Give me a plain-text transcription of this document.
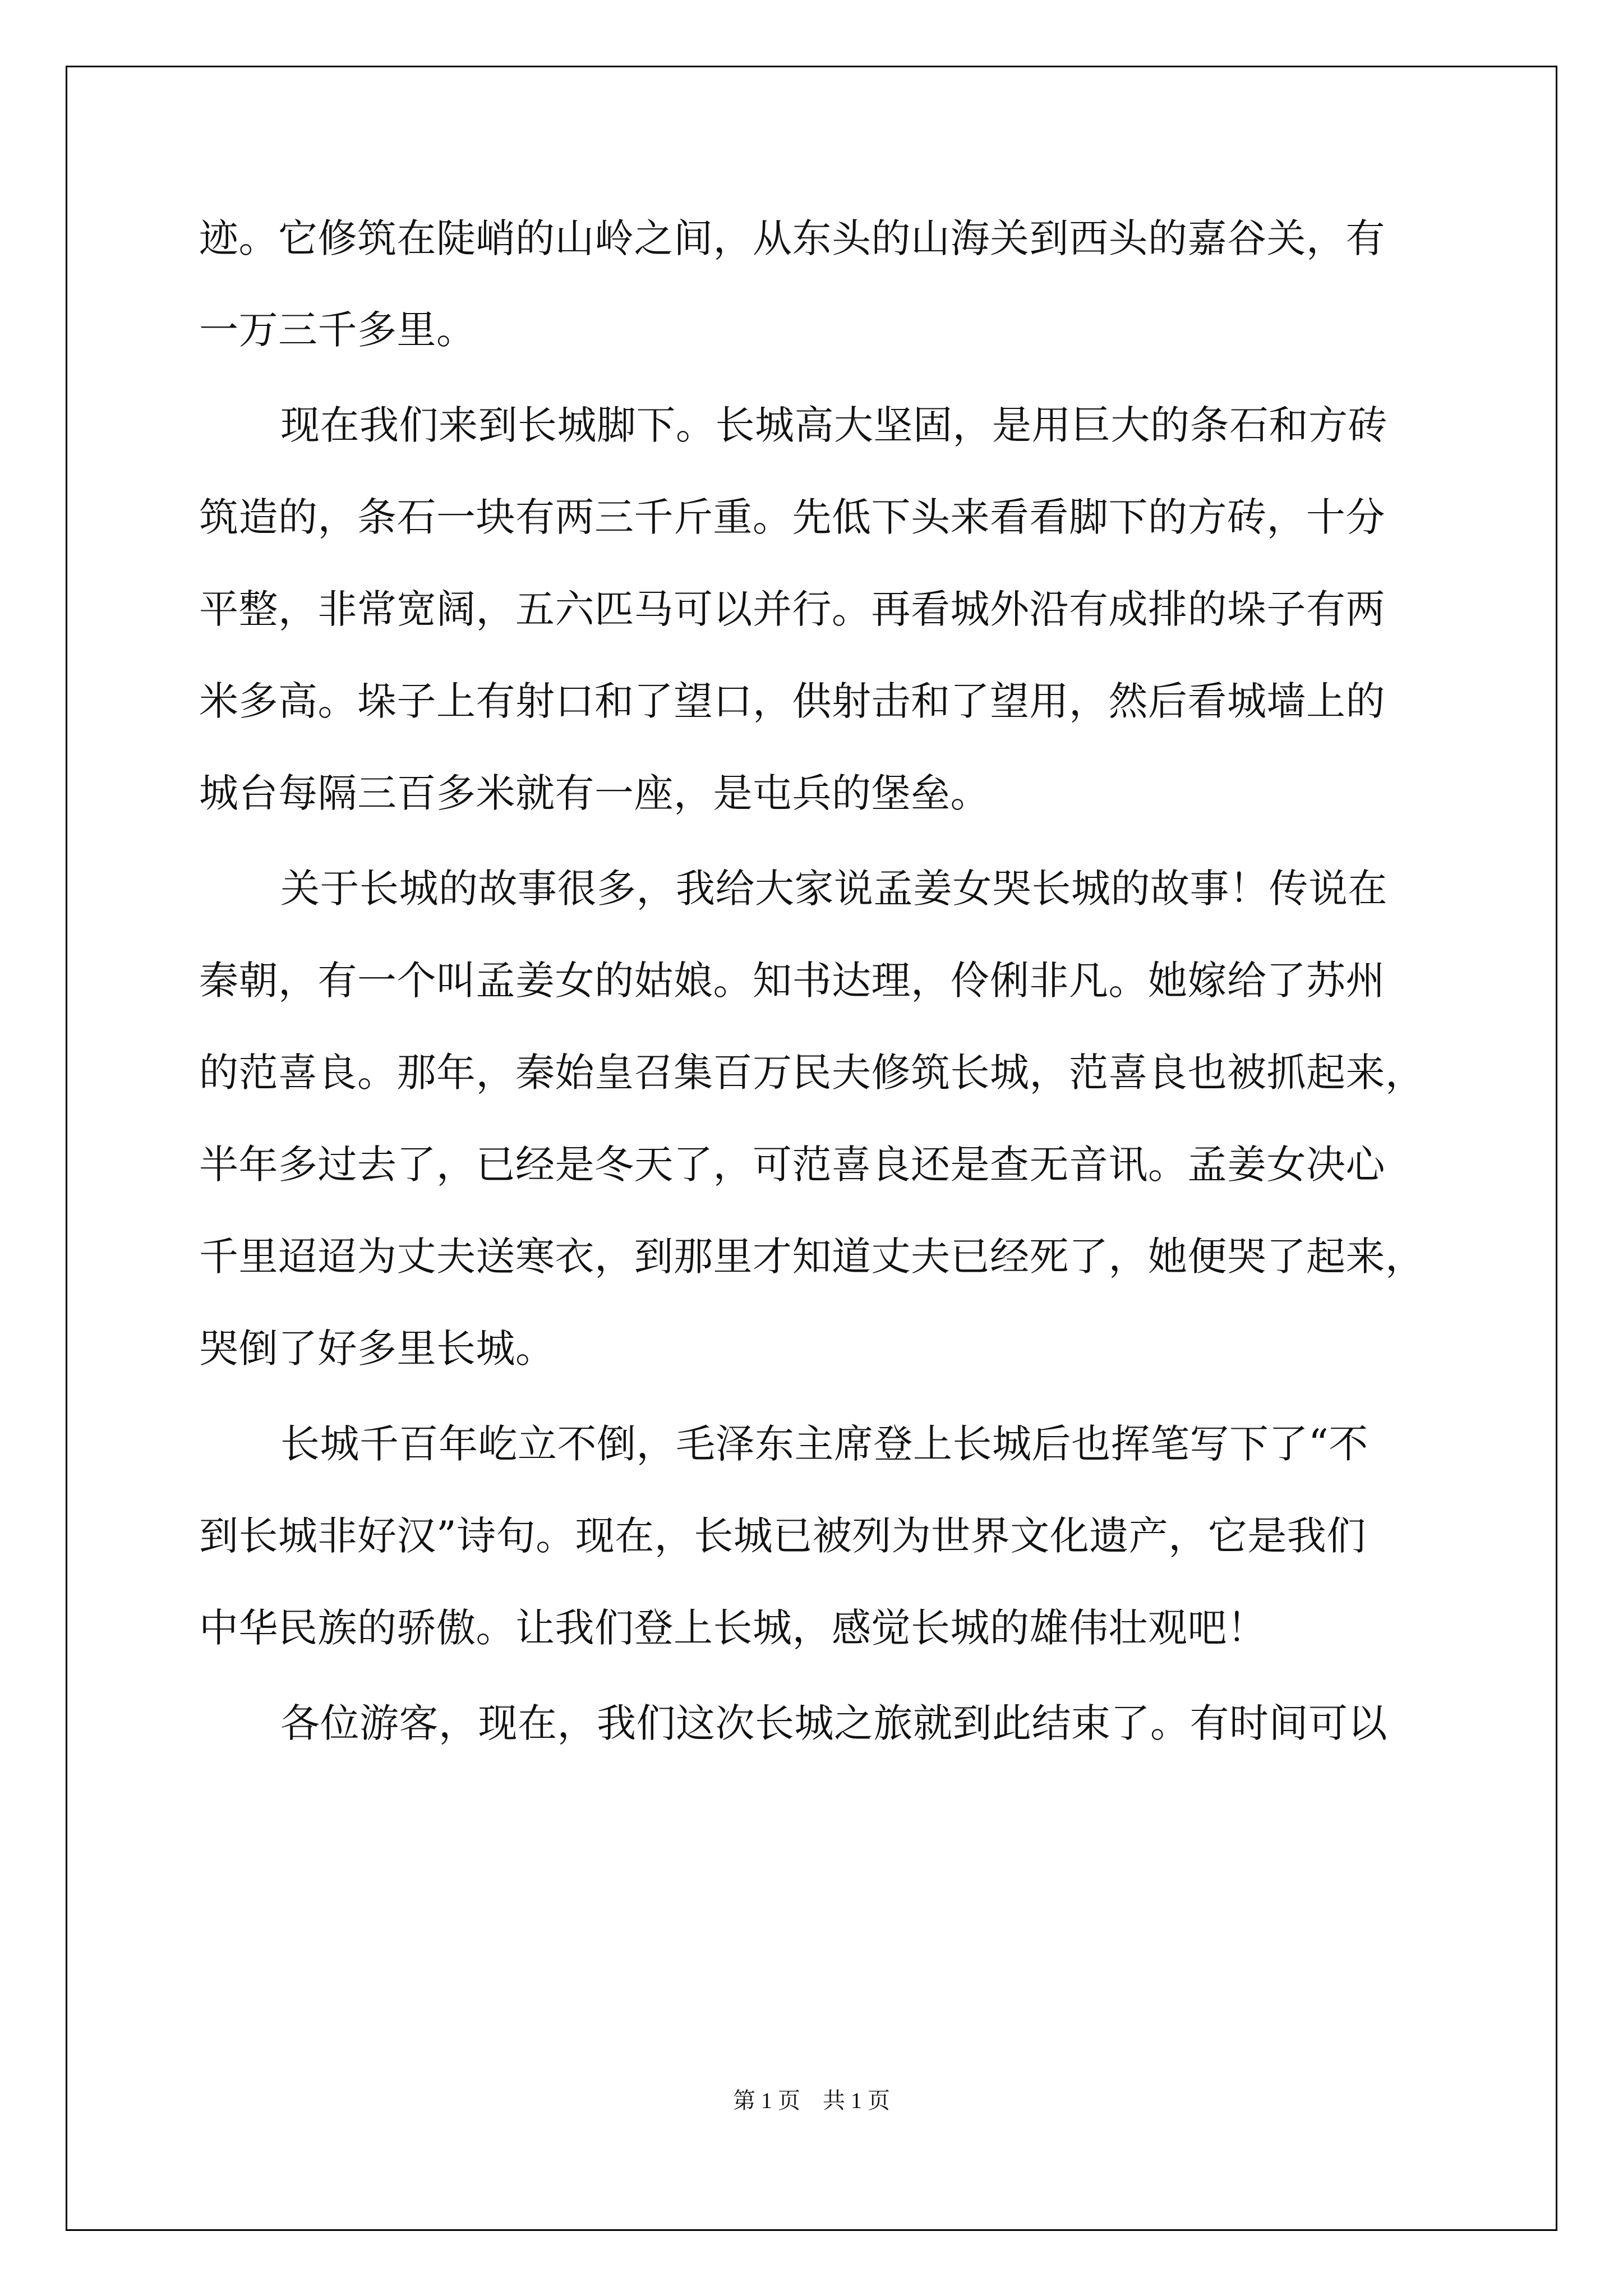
迹。它修筑在陡峭的山岭之间，从东头的山海关到西头的嘉谷关，有
一万三千多里。
现在我们来到长城脚下。长城高大坚固，是用巨大的条石和方砖
筑造的，条石一块有两三千斤重。先低下头来看看脚下的方砖，十分
平整，非常宽阔，五六匹马可以并行。再看城外沿有成排的垛子有两
米多高。垛子上有射口和了望口，供射击和了望用，然后看城墙上的
城台每隔三百多米就有一座，是屯兵的堡垒。
关于长城的故事很多，我给大家说孟姜女哭长城的故事！传说在
秦朝，有一个叫孟姜女的姑娘。知书达理，伶俐非凡。她嫁给了苏州
的范喜良。那年，秦始皇召集百万民夫修筑长城，范喜良也被抓起来，
半年多过去了，已经是冬天了，可范喜良还是查无音讯。孟姜女决心
千里迢迢为丈夫送寒衣，到那里才知道丈夫已经死了，她便哭了起来，
哭倒了好多里长城。
长城千百年屹立不倒，毛泽东主席登上长城后也挥笔写下了“不
到长城非好汉”诗句。现在，长城已被列为世界文化遗产，它是我们
中华民族的骄傲。让我们登上长城，感觉长城的雄伟壮观吧！
各位游客，现在，我们这次长城之旅就到此结束了。有时间可以
第 1 页    共 1 页
